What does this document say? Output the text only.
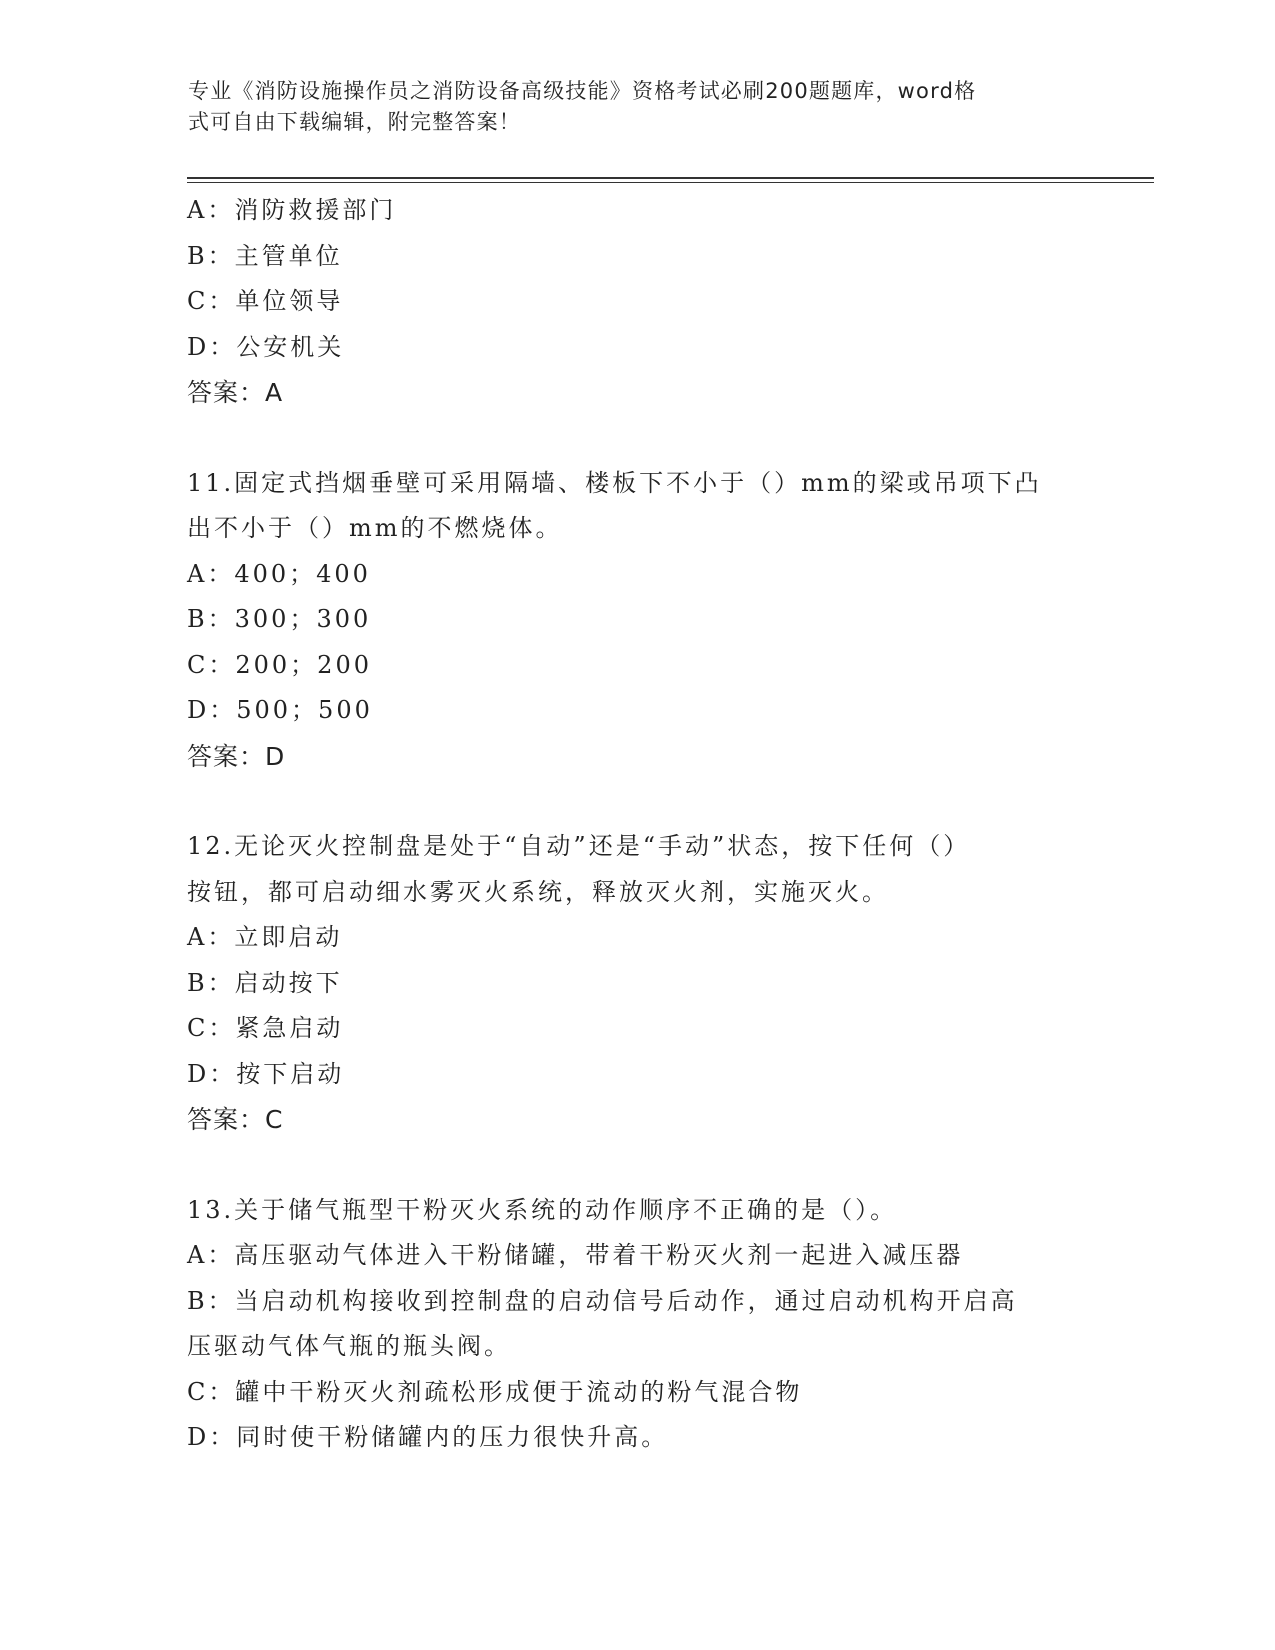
专业《消防设施操作员之消防设备高级技能》资格考试必刷200题题库，word格
式可自由下载编辑，附完整答案！
A：消防救援部门
B：主管单位
C：单位领导
D：公安机关
答案：A
11.固定式挡烟垂壁可采用隔墙、楼板下不小于（）mm的梁或吊项下凸
出不小于（）mm的不燃烧体。
A：400；400
B：300；300
C：200；200
D：500；500
答案：D
12.无论灭火控制盘是处于“自动”还是“手动”状态，按下任何（）
按钮，都可启动细水雾灭火系统，释放灭火剂，实施灭火。
A：立即启动
B：启动按下
C：紧急启动
D：按下启动
答案：C
13.关于储气瓶型干粉灭火系统的动作顺序不正确的是（）。
A：高压驱动气体进入干粉储罐，带着干粉灭火剂一起进入减压器
B：当启动机构接收到控制盘的启动信号后动作，通过启动机构开启高
压驱动气体气瓶的瓶头阀。
C：罐中干粉灭火剂疏松形成便于流动的粉气混合物
D：同时使干粉储罐内的压力很快升高。
